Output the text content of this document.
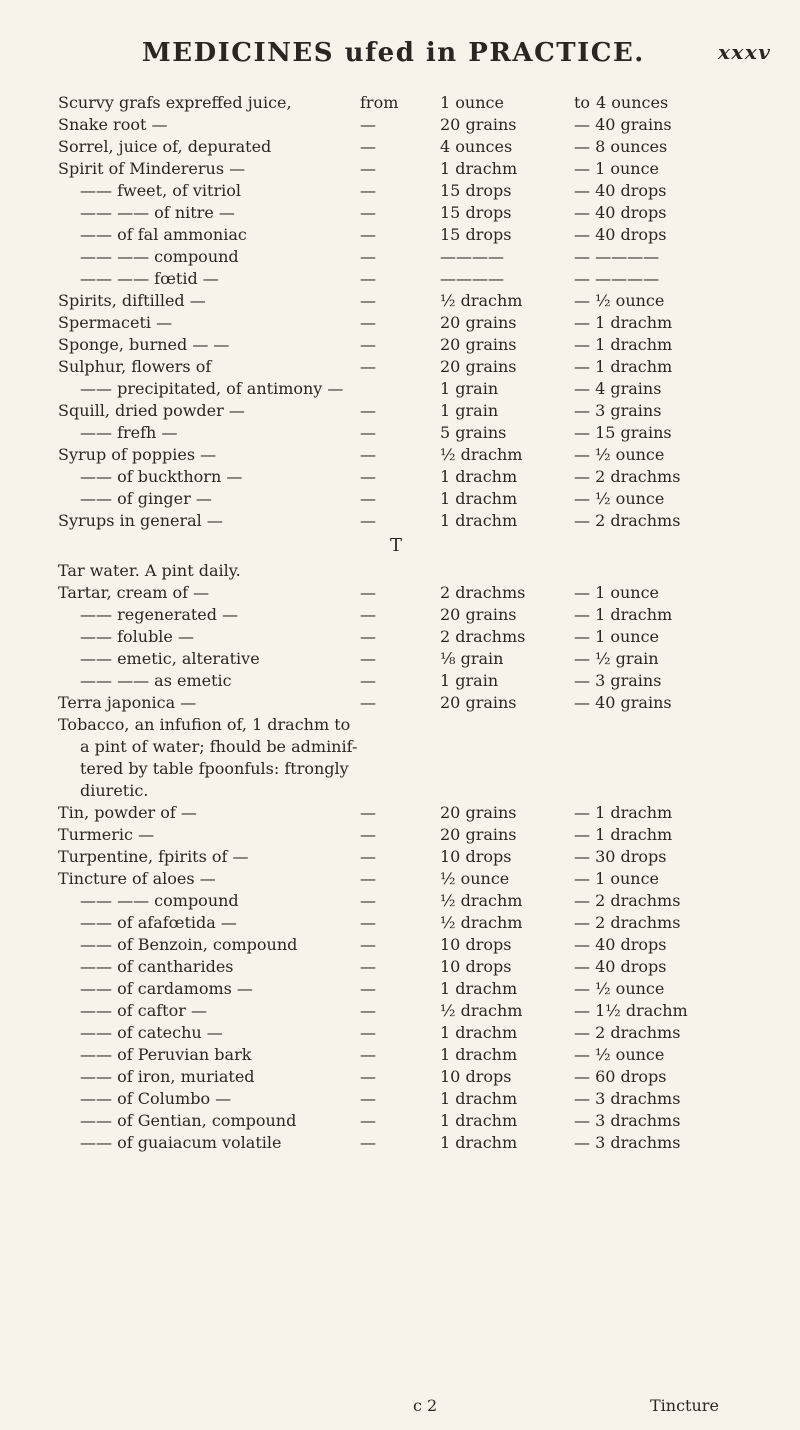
MEDICINES ufed in PRACTICE.	xxxv
Scurvy grafs expreffed juice,	from	1 ounce	to 4 ounces
Snake root —	—	20 grains	— 40 grains
Sorrel, juice of, depurated	—	4 ounces	— 8 ounces
Spirit of Mindererus —	—	1 drachm	— 1 ounce
—— fweet, of vitriol	—	15 drops	— 40 drops
—— —— of nitre —	—	15 drops	— 40 drops
—— of fal ammoniac	—	15 drops	— 40 drops
—— —— compound	—	————	— ————
—— —— fœtid —	—	————	— ————
Spirits, diftilled —	—	½ drachm	— ½ ounce
Spermaceti —	—	20 grains	— 1 drachm
Sponge, burned — —	—	20 grains	— 1 drachm
Sulphur, flowers of	—	20 grains	— 1 drachm
—— precipitated, of antimony —	1 grain	— 4 grains
Squill, dried powder —	—	1 grain	— 3 grains
—— frefh —	—	5 grains	— 15 grains
Syrup of poppies —	—	½ drachm	— ½ ounce
—— of buckthorn —	—	1 drachm	— 2 drachms
—— of ginger —	—	1 drachm	— ½ ounce
Syrups in general —	—	1 drachm	— 2 drachms
T
Tar water. A pint daily.
Tartar, cream of —	—	2 drachms	— 1 ounce
—— regenerated —	—	20 grains	— 1 drachm
—— foluble —	—	2 drachms	— 1 ounce
—— emetic, alterative	—	⅛ grain	— ½ grain
—— —— as emetic	—	1 grain	— 3 grains
Terra japonica —	—	20 grains	— 40 grains
Tobacco, an infufion of, 1 drachm to
a pint of water; fhould be adminif-
tered by table fpoonfuls: ftrongly
diuretic.
Tin, powder of —	—	20 grains	— 1 drachm
Turmeric —	—	20 grains	— 1 drachm
Turpentine, fpirits of —	—	10 drops	— 30 drops
Tincture of aloes —	—	½ ounce	— 1 ounce
—— —— compound	—	½ drachm	— 2 drachms
—— of afafœtida —	—	½ drachm	— 2 drachms
—— of Benzoin, compound	—	10 drops	— 40 drops
—— of cantharides	—	10 drops	— 40 drops
—— of cardamoms —	—	1 drachm	— ½ ounce
—— of caftor —	—	½ drachm	— 1½ drachm
—— of catechu —	—	1 drachm	— 2 drachms
—— of Peruvian bark	—	1 drachm	— ½ ounce
—— of iron, muriated	—	10 drops	— 60 drops
—— of Columbo —	—	1 drachm	— 3 drachms
—— of Gentian, compound	—	1 drachm	— 3 drachms
—— of guaiacum volatile	—	1 drachm	— 3 drachms
c 2	Tincture
